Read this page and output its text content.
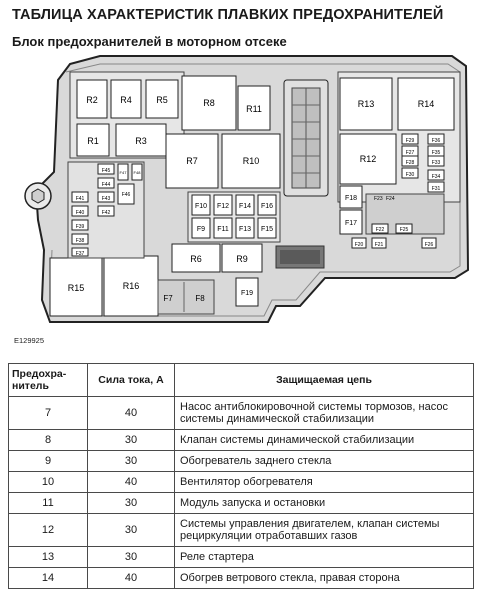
ТАБЛИЦА ХАРАКТЕРИСТИК ПЛАВКИХ ПРЕДОХРАНИТЕЛЕЙ
Блок предохранителей в моторном отсеке
R2 R4	R5
R1	R3
R8
R11
R7	R10
R13	R14
R12
R6	R9
R15	R16
F10 F12 F14 F16
F9 F11 F13 F15
F7	F8
F19
F17
F18
F29	F36
F27	F35
F28	F33
F30	F34
F31
F23 F24
F22	F25
F20 F21	F26
F45 F47 F48
F46
F44
F43
F41
F40	F42
F39
F38
F37
E129925
Предохра-нитель	Сила тока, А	Защищаемая цепь
7	40	Насос антиблокировочной системы тормозов, насос системы динамической стабилизации
8	30	Клапан системы динамической стабилизации
9	30	Обогреватель заднего стекла
10	40	Вентилятор обогревателя
11	30	Модуль запуска и остановки
12	30	Системы управления двигателем, клапан системы рециркуляции отработавших газов
13	30	Реле стартера
14	40	Обогрев ветрового стекла, правая сторона
